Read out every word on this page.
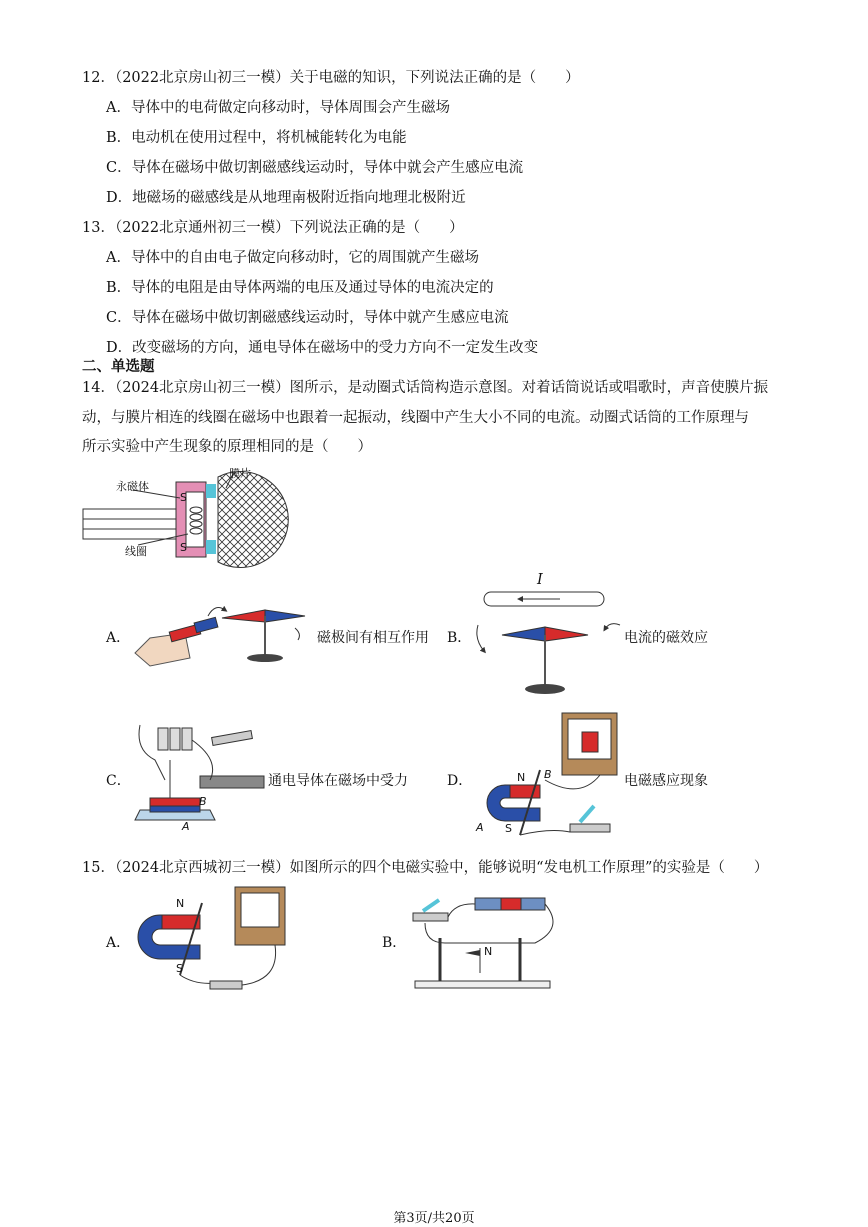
12．（2022北京房山初三一模）关于电磁的知识，下列说法正确的是（　　）
A．导体中的电荷做定向移动时，导体周围会产生磁场
B．电动机在使用过程中，将机械能转化为电能
C．导体在磁场中做切割磁感线运动时，导体中就会产生感应电流
D．地磁场的磁感线是从地理南极附近指向地理北极附近
13．（2022北京通州初三一模）下列说法正确的是（　　）
A．导体中的自由电子做定向移动时，它的周围就产生磁场
B．导体的电阻是由导体两端的电压及通过导体的电流决定的
C．导体在磁场中做切割磁感线运动时，导体中就产生感应电流
D．改变磁场的方向，通电导体在磁场中的受力方向不一定发生改变
二、单选题
14．（2024北京房山初三一模）图所示，是动圈式话筒构造示意图。对着话筒说话或唱歌时，声音使膜片振
动，与膜片相连的线圈在磁场中也跟着一起振动，线圈中产生大小不同的电流。动圈式话筒的工作原理与
所示实验中产生现象的原理相同的是（　　）
永磁体
膜片
线圈
S
S
A．	磁极间有相互作用 B．
I
电流的磁效应
C．
B
A
通电导体在磁场中受力	D．	N
S
B
A
电磁感应现象
15．（2024北京西城初三一模）如图所示的四个电磁实验中，能够说明“发电机工作原理”的实验是（　　）
A．
N
S
B．
N
第3页/共20页
